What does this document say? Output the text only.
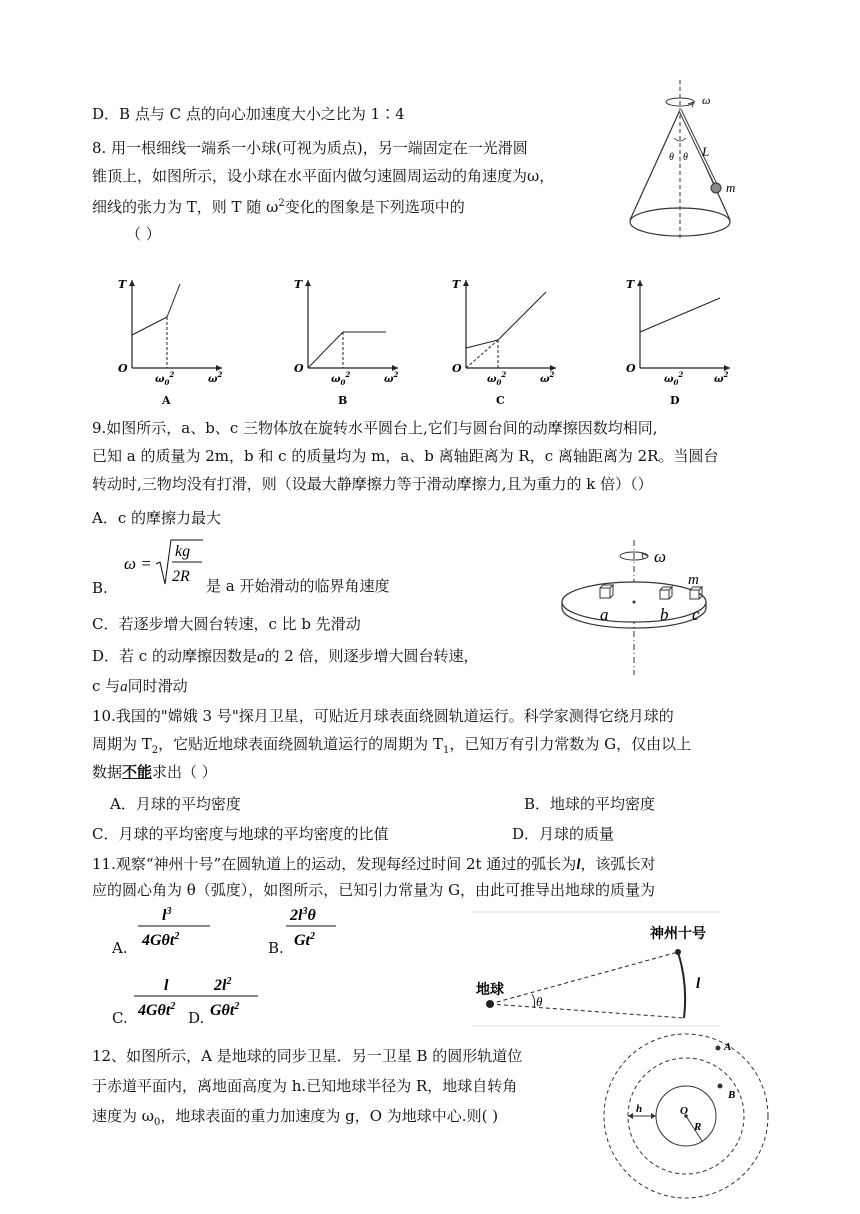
D．B 点与 C 点的向心加速度大小之比为 1∶4
8. 用一根细线一端系一小球(可视为质点)，另一端固定在一光滑圆
锥顶上，如图所示，设小球在水平面内做匀速圆周运动的角速度为ω，
细线的张力为 T，则 T 随 $\omega^2$变化的图象是下列选项中的
（ ）
ω
θ θ L
m
T
O
$\omega_0^2$	$\omega^2$
A
T
O
$\omega_0^2$	$\omega^2$
B
T
O
$\omega_0^2$	$\omega^2$
C
T
O
$\omega_0^2$	$\omega^2$
D
9.如图所示，a、b、c 三物体放在旋转水平圆台上,它们与圆台间的动摩擦因数均相同,
已知 a 的质量为 2m，b 和 c 的质量均为 m，a、b 离轴距离为 R，c 离轴距离为 2R。当圆台
转动时,三物均没有打滑，则（设最大静摩擦力等于滑动摩擦力,且为重力的 k 倍）（）
A．c 的摩擦力最大
B.
ω =
kg
2R
是 a 开始滑动的临界角速度
C．若逐步增大圆台转速，c 比 b 先滑动
D．若 c 的动摩擦因数是a的 2 倍，则逐步增大圆台转速，
c 与a同时滑动
ω
m
a	b c
10.我国的"嫦娥 3 号"探月卫星，可贴近月球表面绕圆轨道运行。科学家测得它绕月球的
周期为 $T_2$，它贴近地球表面绕圆轨道运行的周期为 $T_1$，已知万有引力常数为 G，仅由以上
数据不能求出（ ）
A．月球的平均密度	B．地球的平均密度
C．月球的平均密度与地球的平均密度的比值	D．月球的质量
11.观察“神州十号”在圆轨道上的运动，发现每经过时间 2t 通过的弧长为l，该弧长对
应的圆心角为 θ（弧度），如图所示，已知引力常量为 G，由此可推导出地球的质量为
A.
$l^3$
4Gθt$^2$
B.
$2l^3\theta$
Gt$^2$
C.
l
4Gθt$^2$
D.
$2l^2$
Gθt$^2$
神州十号
地球
θ
l
12、如图所示，A 是地球的同步卫星．另一卫星 B 的圆形轨道位
于赤道平面内，离地面高度为 h.已知地球半径为 R，地球自转角
速度为 $\omega_0$，地球表面的重力加速度为 g，O 为地球中心.则( )
A
B
h	O
R
